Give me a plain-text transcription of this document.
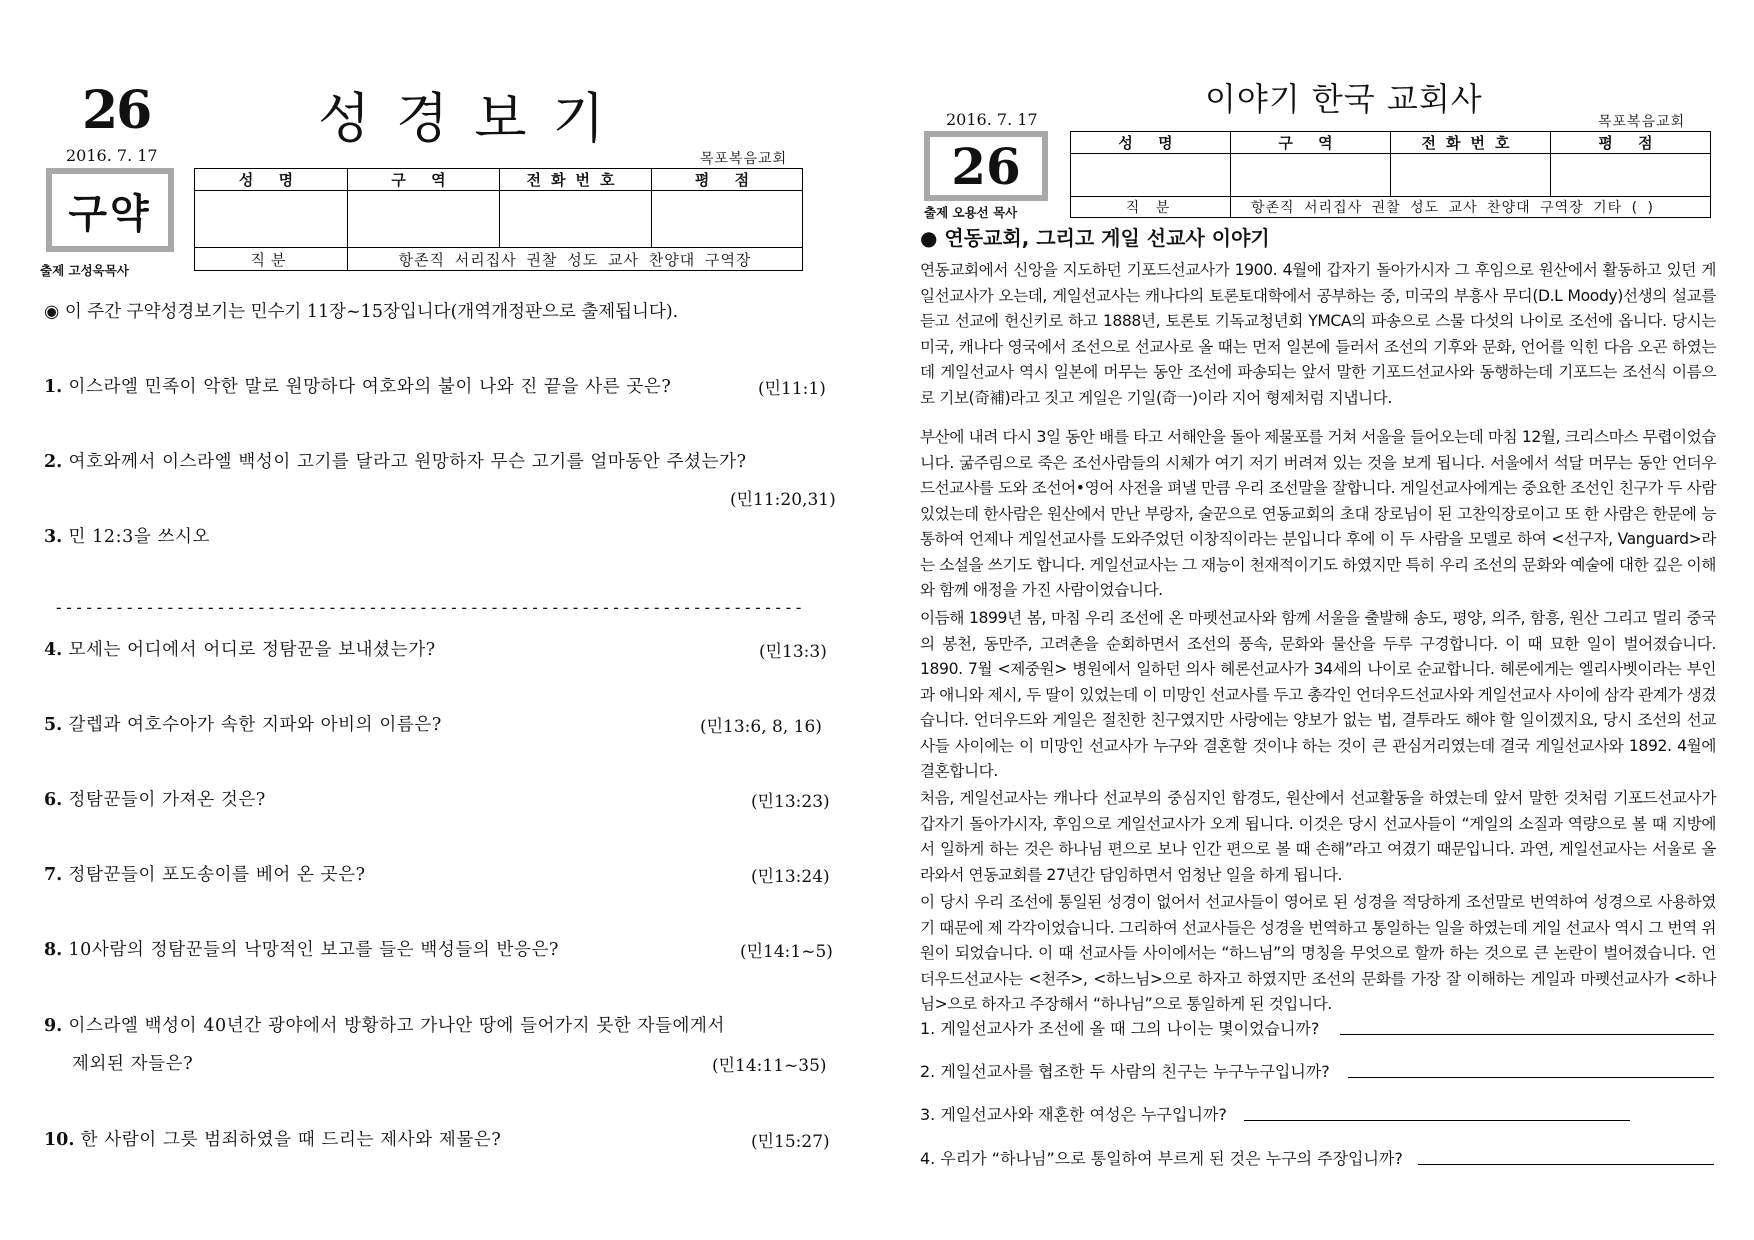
26	성경보기
2016. 7. 17	목포복음교회
구약
출제 고성욱목사
성 명	구 역	전화번호	평 점

직분	항존직 서리집사 권찰 성도 교사 찬양대 구역장		
◉ 이 주간 구약성경보기는 민수기 11장~15장입니다(개역개정판으로 출제됩니다).
1. 이스라엘 민족이 악한 말로 원망하다 여호와의 불이 나와 진 끝을 사른 곳은?	(민11:1)
2. 여호와께서 이스라엘 백성이 고기를 달라고 원망하자 무슨 고기를 얼마동안 주셨는가?
(민11:20,31)
3. 민 12:3을 쓰시오
--------------------------------------------------------------------------
4. 모세는 어디에서 어디로 정탐꾼을 보내셨는가?	(민13:3)
5. 갈렙과 여호수아가 속한 지파와 아비의 이름은?	(민13:6, 8, 16)
6. 정탐꾼들이 가져온 것은?	(민13:23)
7. 정탐꾼들이 포도송이를 베어 온 곳은?	(민13:24)
8. 10사람의 정탐꾼들의 낙망적인 보고를 들은 백성들의 반응은?	(민14:1~5)
9. 이스라엘 백성이 40년간 광야에서 방황하고 가나안 땅에 들어가지 못한 자들에게서
제외된 자들은?	(민14:11~35)
10. 한 사람이 그릇 범죄하였을 때 드리는 제사와 제물은?	(민15:27)
이야기 한국 교회사
2016. 7. 17	목포복음교회
26
출제 오용선 목사
성 명	구 역	전화번호	평 점

직 분	항존직 서리집사 권찰 성도 교사 찬양대 구역장 기타 ( )		
● 연동교회, 그리고 게일 선교사 이야기
연동교회에서 신앙을 지도하던 기포드선교사가 1900. 4월에 갑자기 돌아가시자 그 후임으로 원산에서 활동하고 있던 게일선교사가 오는데, 게일선교사는 캐나다의 토론토대학에서 공부하는 중, 미국의 부흥사 무디(D.L Moody)선생의 설교를 듣고 선교에 헌신키로 하고 1888년, 토론토 기독교청년회 YMCA의 파송으로 스물 다섯의 나이로 조선에 옵니다. 당시는 미국, 캐나다 영국에서 조선으로 선교사로 올 때는 먼저 일본에 들러서 조선의 기후와 문화, 언어를 익힌 다음 오곤 하였는데 게일선교사 역시 일본에 머무는 동안 조선에 파송되는 앞서 말한 기포드선교사와 동행하는데 기포드는 조선식 이름으로 기보(奇補)라고 짓고 게일은 기일(奇一)이라 지어 형제처럼 지냅니다.
부산에 내려 다시 3일 동안 배를 타고 서해안을 돌아 제물포를 거쳐 서울을 들어오는데 마침 12월, 크리스마스 무렵이었습니다. 굶주림으로 죽은 조선사람들의 시체가 여기 저기 버려져 있는 것을 보게 됩니다. 서울에서 석달 머무는 동안 언더우드선교사를 도와 조선어•영어 사전을 펴낼 만큼 우리 조선말을 잘합니다. 게일선교사에게는 중요한 조선인 친구가 두 사람 있었는데 한사람은 원산에서 만난 부랑자, 술꾼으로 연동교회의 초대 장로님이 된 고찬익장로이고 또 한 사람은 한문에 능통하여 언제나 게일선교사를 도와주었던 이창직이라는 분입니다 후에 이 두 사람을 모델로 하여 <선구자, Vanguard>라는 소설을 쓰기도 합니다. 게일선교사는 그 재능이 천재적이기도 하였지만 특히 우리 조선의 문화와 예술에 대한 깊은 이해와 함께 애정을 가진 사람이었습니다.
이듬해 1899년 봄, 마침 우리 조선에 온 마펫선교사와 함께 서울을 출발해 송도, 평양, 의주, 함흥, 원산 그리고 멀리 중국의 봉천, 동만주, 고려촌을 순회하면서 조선의 풍속, 문화와 물산을 두루 구경합니다. 이 때 묘한 일이 벌어졌습니다. 1890. 7월 <제중원> 병원에서 일하던 의사 헤론선교사가 34세의 나이로 순교합니다. 헤론에게는 엘리사벳이라는 부인과 애니와 제시, 두 딸이 있었는데 이 미망인 선교사를 두고 총각인 언더우드선교사와 게일선교사 사이에 삼각 관계가 생겼습니다. 언더우드와 게일은 절친한 친구였지만 사랑에는 양보가 없는 법, 결투라도 해야 할 일이겠지요, 당시 조선의 선교사들 사이에는 이 미망인 선교사가 누구와 결혼할 것이냐 하는 것이 큰 관심거리였는데 결국 게일선교사와 1892. 4월에 결혼합니다.
처음, 게일선교사는 캐나다 선교부의 중심지인 함경도, 원산에서 선교활동을 하였는데 앞서 말한 것처럼 기포드선교사가 갑자기 돌아가시자, 후임으로 게일선교사가 오게 됩니다. 이것은 당시 선교사들이 “게일의 소질과 역량으로 볼 때 지방에서 일하게 하는 것은 하나님 편으로 보나 인간 편으로 볼 때 손해”라고 여겼기 때문입니다. 과연, 게일선교사는 서울로 올라와서 연동교회를 27년간 담임하면서 엄청난 일을 하게 됩니다.
이 당시 우리 조선에 통일된 성경이 없어서 선교사들이 영어로 된 성경을 적당하게 조선말로 번역하여 성경으로 사용하였기 때문에 제 각각이었습니다. 그리하여 선교사들은 성경을 번역하고 통일하는 일을 하였는데 게일 선교사 역시 그 번역 위원이 되었습니다. 이 때 선교사들 사이에서는 “하느님”의 명칭을 무엇으로 할까 하는 것으로 큰 논란이 벌어졌습니다. 언더우드선교사는 <천주>, <하느님>으로 하자고 하였지만 조선의 문화를 가장 잘 이해하는 게일과 마펫선교사가 <하나님>으로 하자고 주장해서 “하나님”으로 통일하게 된 것입니다.
1. 게일선교사가 조선에 올 때 그의 나이는 몇이었습니까?
2. 게일선교사를 협조한 두 사람의 친구는 누구누구입니까?
3. 게일선교사와 재혼한 여성은 누구입니까?
4. 우리가 “하나님”으로 통일하여 부르게 된 것은 누구의 주장입니까?
